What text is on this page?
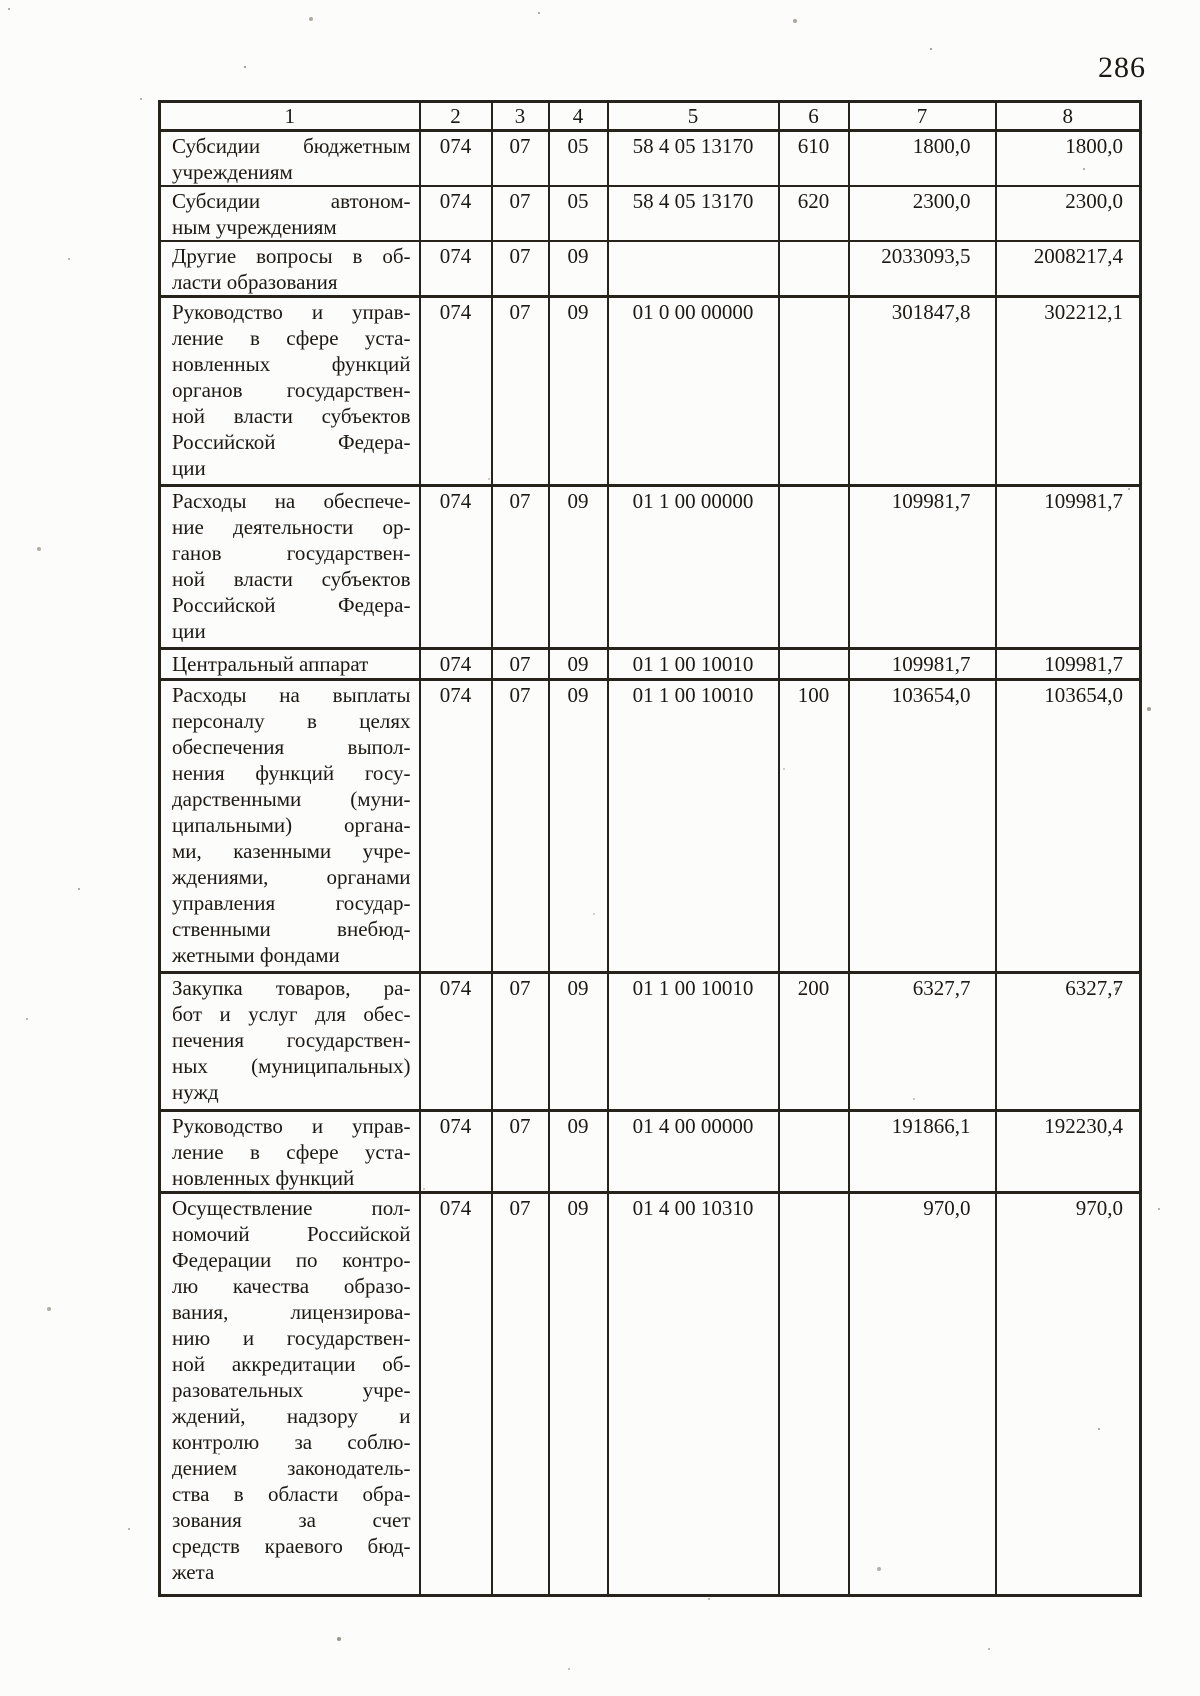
286
1	2	3	4	5	6	7	8

Субсидии бюджетным
учреждениям	074	07	05	58 4 05 13170	610	1800,0	1800,0

Субсидии автоном-
ным учреждениям	074	07	05	58 4 05 13170	620	2300,0	2300,0

Другие вопросы в об-
ласти образования	074	07	09			2033093,5	2008217,4

Руководство и управ-
ление в сфере уста-
новленных функций
органов государствен-
ной власти субъектов
Российской Федера-
ции
	074	07	09	01 0 00 00000		301847,8	302212,1

Расходы на обеспече-
ние деятельности ор-
ганов государствен-
ной власти субъектов
Российской Федера-
ции
	074	07	09	01 1 00 00000		109981,7	109981,7

Центральный аппарат	074	07	09	01 1 00 10010		109981,7	109981,7

Расходы на выплаты
персоналу в целях
обеспечения выпол-
нения функций госу-
дарственными (муни-
ципальными) органа-
ми, казенными учре-
ждениями, органами
управления государ-
ственными внебюд-
жетными фондами
	074	07	09	01 1 00 10010	100	103654,0	103654,0

Закупка товаров, ра-
бот и услуг для обес-
печения государствен-
ных (муниципальных)
нужд	074	07	09	01 1 00 10010	200	6327,7	6327,7

Руководство и управ-
ление в сфере уста-
новленных функций	074	07	09	01 4 00 00000		191866,1	192230,4

Осуществление пол-
номочий Российской
Федерации по контро-
лю качества образо-
вания, лицензирова-
нию и государствен-
ной аккредитации об-
разовательных учре-
ждений, надзору и
контролю за соблю-
дением законодатель-
ства в области обра-
зования за счет
средств краевого бюд-
жета
	074	07	09	01 4 00 10310		970,0	970,0
